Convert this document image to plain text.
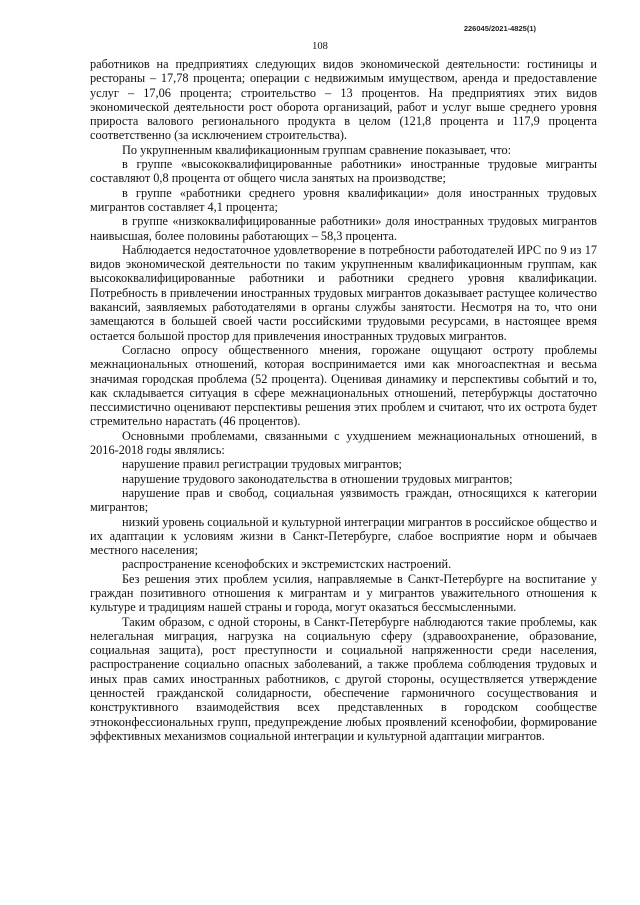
226045/2021-4825(1)
108

работников на предприятиях следующих видов экономической деятельности: гостиницы и рестораны – 17,78 процента; операции с недвижимым имуществом, аренда и предоставление услуг – 17,06 процента; строительство – 13 процентов. На предприятиях этих видов экономической деятельности рост оборота организаций, работ и услуг выше среднего уровня прироста валового регионального продукта в целом (121,8 процента и 117,9 процента соответственно (за исключением строительства).

По укрупненным квалификационным группам сравнение показывает, что:

в группе «высококвалифицированные работники» иностранные трудовые мигранты составляют 0,8 процента от общего числа занятых на производстве;

в группе «работники среднего уровня квалификации» доля иностранных трудовых мигрантов составляет 4,1 процента;

в группе «низкоквалифицированные работники» доля иностранных трудовых мигрантов наивысшая, более половины работающих – 58,3 процента.

Наблюдается недостаточное удовлетворение в потребности работодателей ИРС по 9 из 17 видов экономической деятельности по таким укрупненным квалификационным группам, как высококвалифицированные работники и работники среднего уровня квалификации. Потребность в привлечении иностранных трудовых мигрантов доказывает растущее количество вакансий, заявляемых работодателями в органы службы занятости. Несмотря на то, что они замещаются в большей своей части российскими трудовыми ресурсами, в настоящее время остается большой простор для привлечения иностранных трудовых мигрантов.

Согласно опросу общественного мнения, горожане ощущают остроту проблемы межнациональных отношений, которая воспринимается ими как многоаспектная и весьма значимая городская проблема (52 процента). Оценивая динамику и перспективы событий и то, как складывается ситуация в сфере межнациональных отношений, петербуржцы достаточно пессимистично оценивают перспективы решения этих проблем и считают, что их острота будет стремительно нарастать (46 процентов).

Основными проблемами, связанными с ухудшением межнациональных отношений, в 2016-2018 годы являлись:

нарушение правил регистрации трудовых мигрантов;

нарушение трудового законодательства в отношении трудовых мигрантов;

нарушение прав и свобод, социальная уязвимость граждан, относящихся к категории мигрантов;

низкий уровень социальной и культурной интеграции мигрантов в российское общество и их адаптации к условиям жизни в Санкт-Петербурге, слабое восприятие норм и обычаев местного населения;

распространение ксенофобских и экстремистских настроений.

Без решения этих проблем усилия, направляемые в Санкт-Петербурге на воспитание у граждан позитивного отношения к мигрантам и у мигрантов уважительного отношения к культуре и традициям нашей страны и города, могут оказаться бессмысленными.

Таким образом, с одной стороны, в Санкт-Петербурге наблюдаются такие проблемы, как нелегальная миграция, нагрузка на социальную сферу (здравоохранение, образование, социальная защита), рост преступности и социальной напряженности среди населения, распространение социально опасных заболеваний, а также проблема соблюдения трудовых и иных прав самих иностранных работников, с другой стороны, осуществляется утверждение ценностей гражданской солидарности, обеспечение гармоничного сосуществования и конструктивного взаимодействия всех представленных в городском сообществе этноконфессиональных групп, предупреждение любых проявлений ксенофобии, формирование эффективных механизмов социальной интеграции и культурной адаптации мигрантов.
